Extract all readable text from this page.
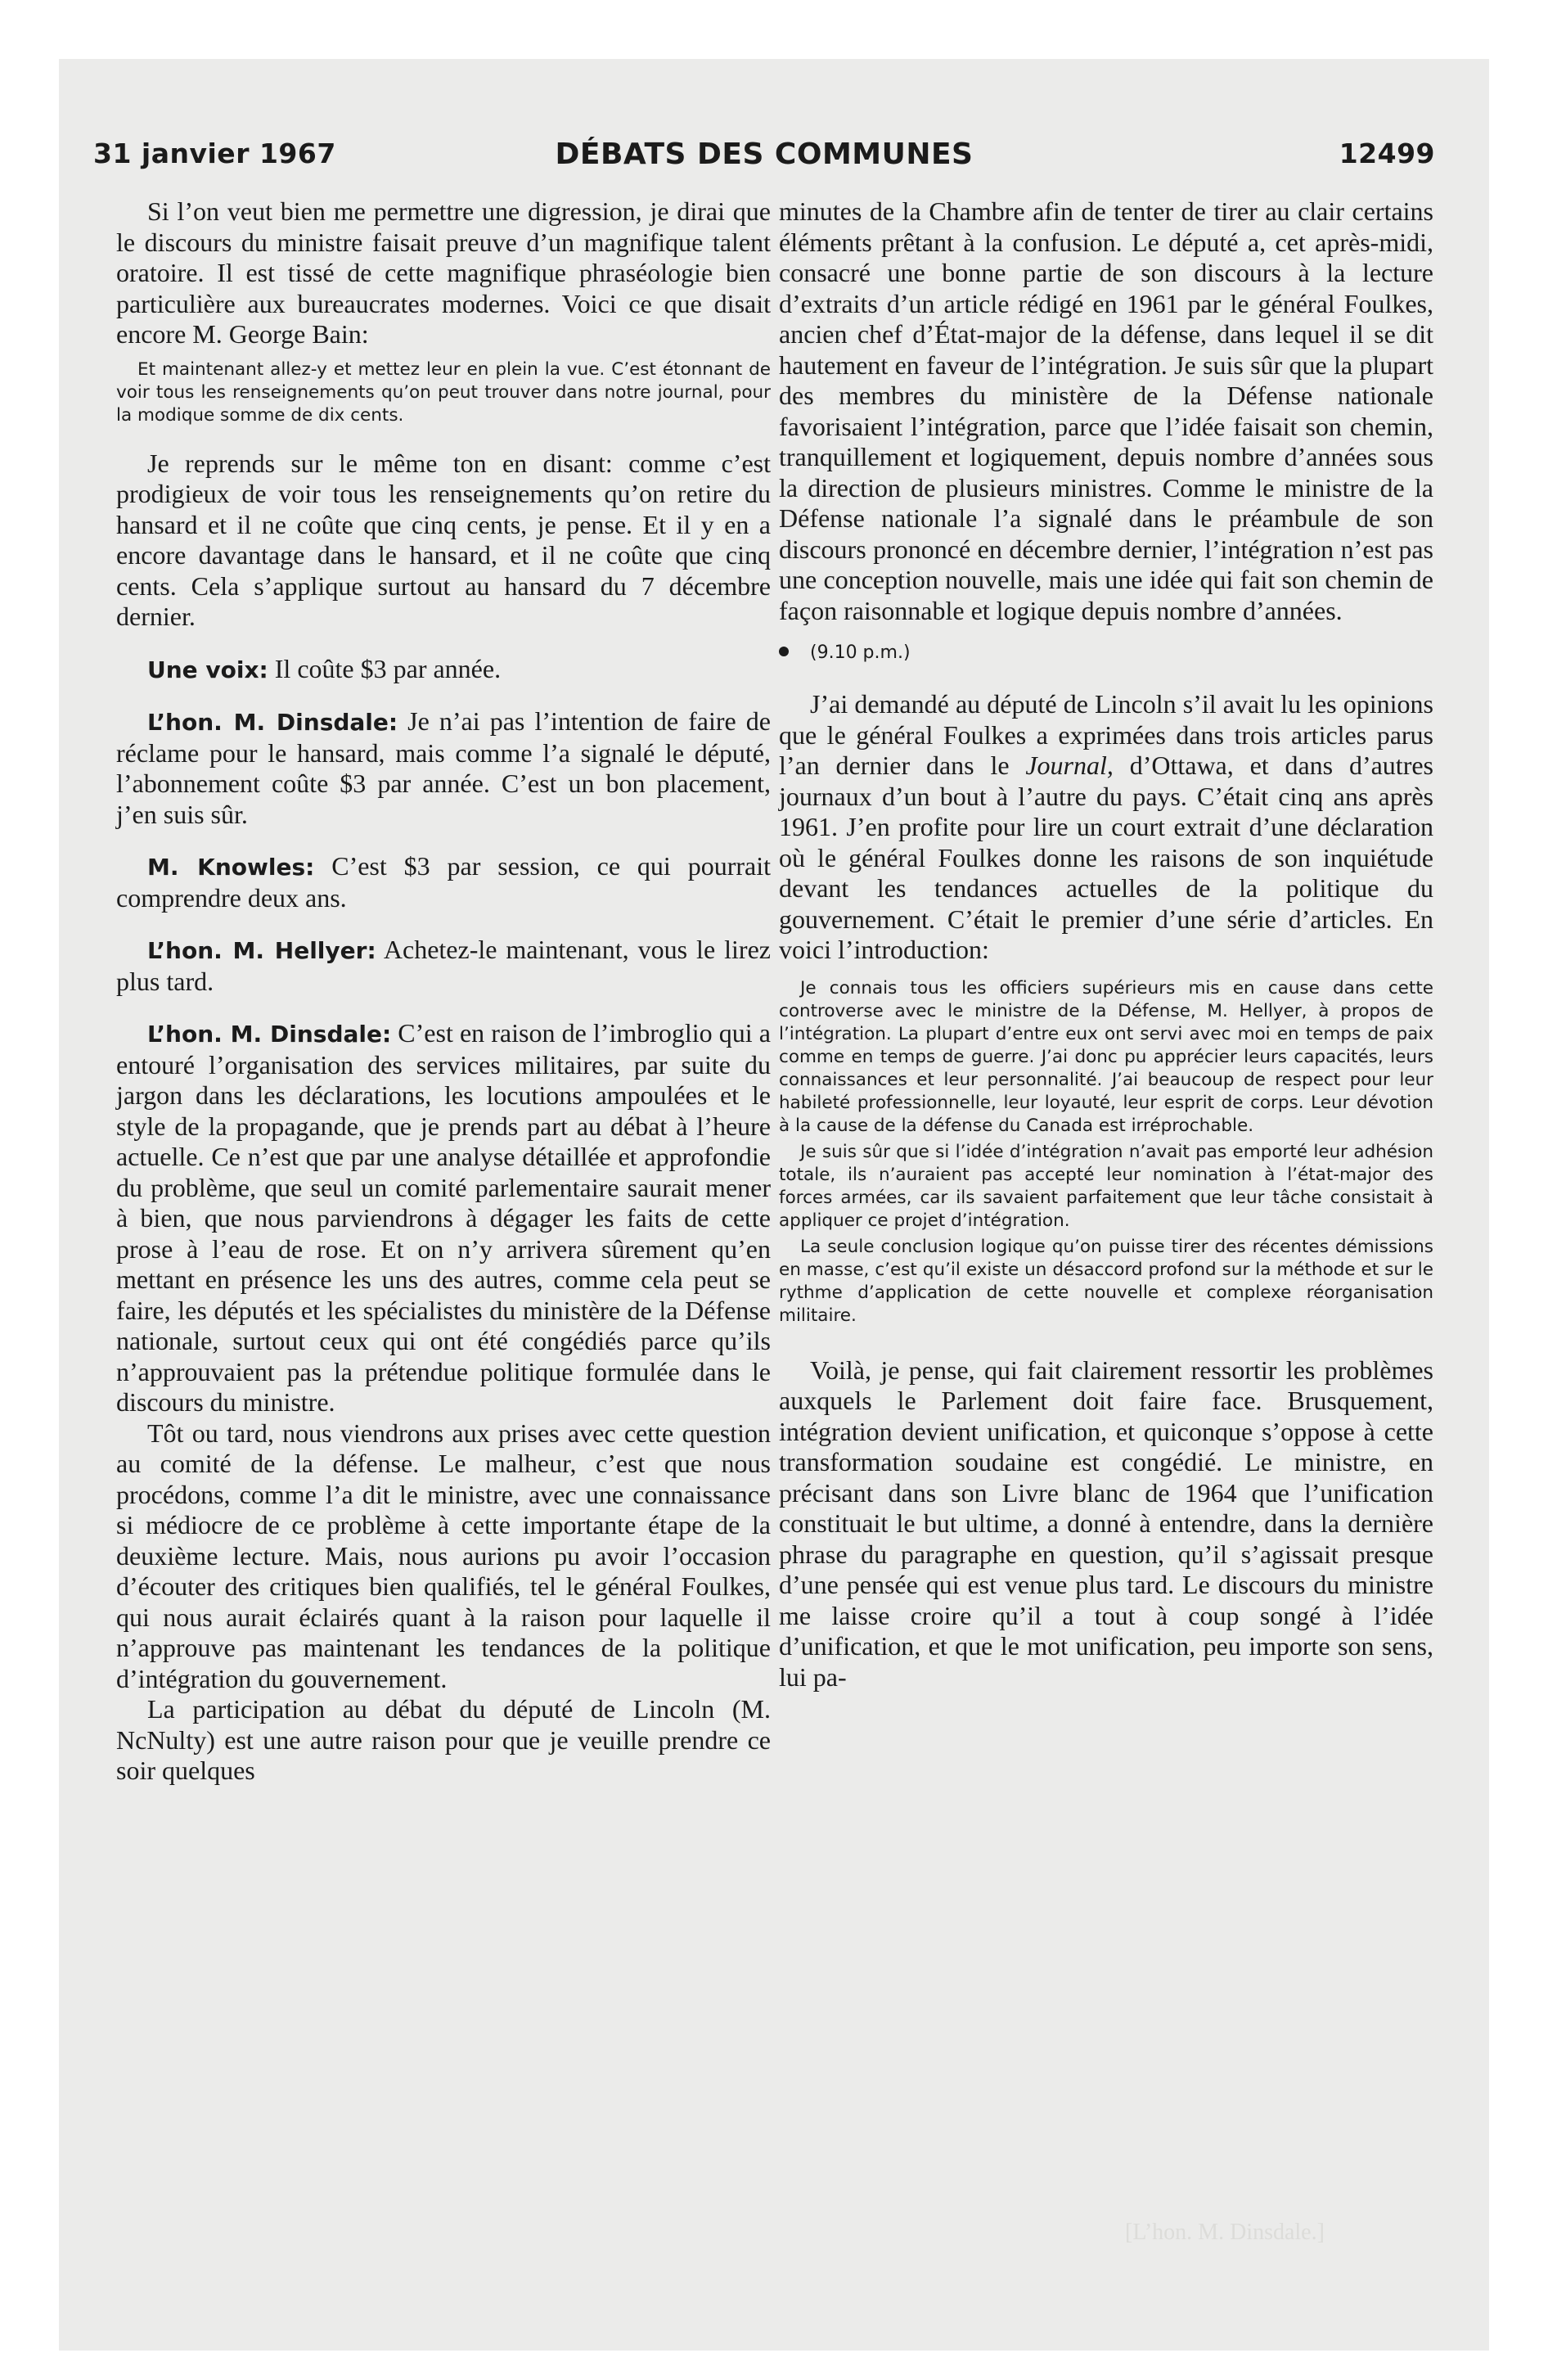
31 janvier 1967	DÉBATS DES COMMUNES	12499

Si l’on veut bien me permettre une digression, je dirai que le discours du ministre faisait preuve d’un magnifique talent oratoire. Il est tissé de cette magnifique phraséologie bien particulière aux bureaucrates modernes. Voici ce que disait encore M. George Bain:

Et maintenant allez-y et mettez leur en plein la vue. C’est étonnant de voir tous les renseignements qu’on peut trouver dans notre journal, pour la modique somme de dix cents.

Je reprends sur le même ton en disant: comme c’est prodigieux de voir tous les renseignements qu’on retire du hansard et il ne coûte que cinq cents, je pense. Et il y en a encore davantage dans le hansard, et il ne coûte que cinq cents. Cela s’applique surtout au hansard du 7 décembre dernier.

Une voix: Il coûte $3 par année.

L’hon. M. Dinsdale: Je n’ai pas l’intention de faire de réclame pour le hansard, mais comme l’a signalé le député, l’abonnement coûte $3 par année. C’est un bon placement, j’en suis sûr.

M. Knowles: C’est $3 par session, ce qui pourrait comprendre deux ans.

L’hon. M. Hellyer: Achetez-le maintenant, vous le lirez plus tard.

L’hon. M. Dinsdale: C’est en raison de l’imbroglio qui a entouré l’organisation des services militaires, par suite du jargon dans les déclarations, les locutions ampoulées et le style de la propagande, que je prends part au débat à l’heure actuelle. Ce n’est que par une analyse détaillée et approfondie du problème, que seul un comité parlementaire saurait mener à bien, que nous parviendrons à dégager les faits de cette prose à l’eau de rose. Et on n’y arrivera sûrement qu’en mettant en présence les uns des autres, comme cela peut se faire, les députés et les spécialistes du ministère de la Défense nationale, surtout ceux qui ont été congédiés parce qu’ils n’approuvaient pas la prétendue politique formulée dans le discours du ministre.

Tôt ou tard, nous viendrons aux prises avec cette question au comité de la défense. Le malheur, c’est que nous procédons, comme l’a dit le ministre, avec une connaissance si médiocre de ce problème à cette importante étape de la deuxième lecture. Mais, nous aurions pu avoir l’occasion d’écouter des critiques bien qualifiés, tel le général Foulkes, qui nous aurait éclairés quant à la raison pour laquelle il n’approuve pas maintenant les tendances de la politique d’intégration du gouvernement.

La participation au débat du député de Lincoln (M. NcNulty) est une autre raison pour que je veuille prendre ce soir quelques

minutes de la Chambre afin de tenter de tirer au clair certains éléments prêtant à la confusion. Le député a, cet après-midi, consacré une bonne partie de son discours à la lecture d’extraits d’un article rédigé en 1961 par le général Foulkes, ancien chef d’État-major de la défense, dans lequel il se dit hautement en faveur de l’intégration. Je suis sûr que la plupart des membres du ministère de la Défense nationale favorisaient l’intégration, parce que l’idée faisait son chemin, tranquillement et logiquement, depuis nombre d’années sous la direction de plusieurs ministres. Comme le ministre de la Défense nationale l’a signalé dans le préambule de son discours prononcé en décembre dernier, l’intégration n’est pas une conception nouvelle, mais une idée qui fait son chemin de façon raisonnable et logique depuis nombre d’années.

(9.10 p.m.)

J’ai demandé au député de Lincoln s’il avait lu les opinions que le général Foulkes a exprimées dans trois articles parus l’an dernier dans le Journal, d’Ottawa, et dans d’autres journaux d’un bout à l’autre du pays. C’était cinq ans après 1961. J’en profite pour lire un court extrait d’une déclaration où le général Foulkes donne les raisons de son inquiétude devant les tendances actuelles de la politique du gouvernement. C’était le premier d’une série d’articles. En voici l’introduction:

Je connais tous les officiers supérieurs mis en cause dans cette controverse avec le ministre de la Défense, M. Hellyer, à propos de l’intégration. La plupart d’entre eux ont servi avec moi en temps de paix comme en temps de guerre. J’ai donc pu apprécier leurs capacités, leurs connaissances et leur personnalité. J’ai beaucoup de respect pour leur habileté professionnelle, leur loyauté, leur esprit de corps. Leur dévotion à la cause de la défense du Canada est irréprochable.

Je suis sûr que si l’idée d’intégration n’avait pas emporté leur adhésion totale, ils n’auraient pas accepté leur nomination à l’état-major des forces armées, car ils savaient parfaitement que leur tâche consistait à appliquer ce projet d’intégration.

La seule conclusion logique qu’on puisse tirer des récentes démissions en masse, c’est qu’il existe un désaccord profond sur la méthode et sur le rythme d’application de cette nouvelle et complexe réorganisation militaire.

Voilà, je pense, qui fait clairement ressortir les problèmes auxquels le Parlement doit faire face. Brusquement, intégration devient unification, et quiconque s’oppose à cette transformation soudaine est congédié. Le ministre, en précisant dans son Livre blanc de 1964 que l’unification constituait le but ultime, a donné à entendre, dans la dernière phrase du paragraphe en question, qu’il s’agissait presque d’une pensée qui est venue plus tard. Le discours du ministre me laisse croire qu’il a tout à coup songé à l’idée d’unification, et que le mot unification, peu importe son sens, lui pa-

[L’hon. M. Dinsdale.]
